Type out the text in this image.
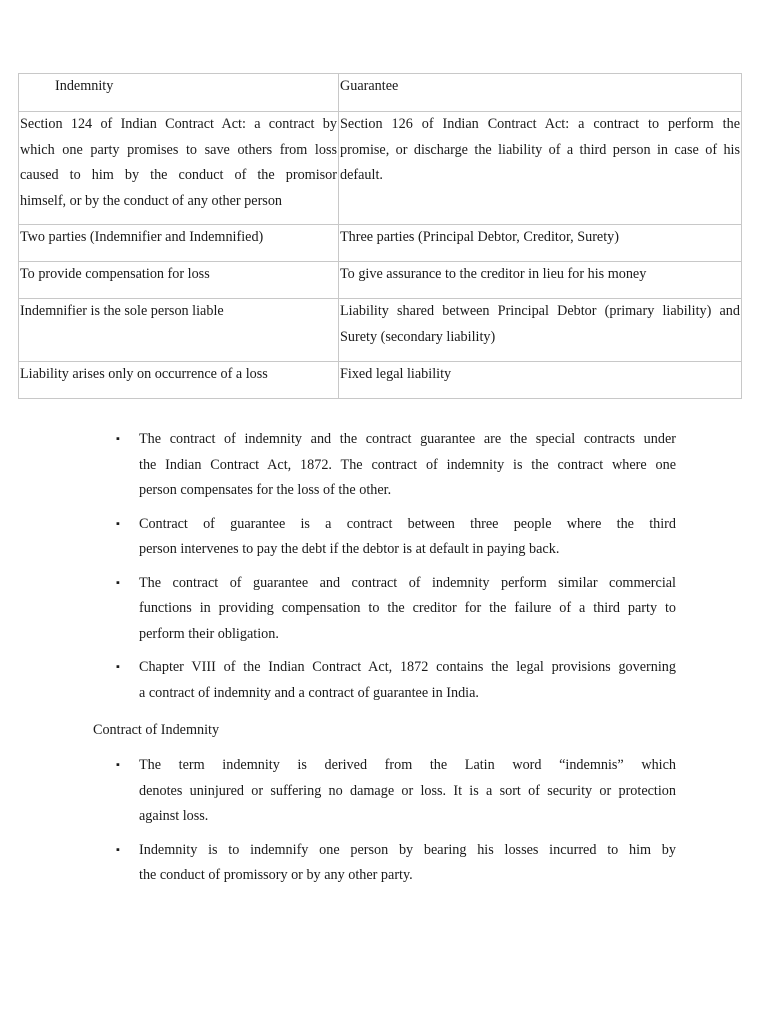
Indemnity	Guarantee

Section 124 of Indian Contract Act: a contract by
which one party promises to save others from loss
caused to him by the conduct of the promisor
himself, or by the conduct of any other person	Section 126 of Indian Contract Act: a contract to perform the
promise, or discharge the liability of a third person in case of his
default.

Two parties (Indemnifier and Indemnified)	Three parties (Principal Debtor, Creditor, Surety)

To provide compensation for loss	To give assurance to the creditor in lieu for his money

Indemnifier is the sole person liable	Liability shared between Principal Debtor (primary liability) and
Surety (secondary liability)

Liability arises only on occurrence of a loss	Fixed legal liability
▪ The contract of indemnity and the contract guarantee are the special contracts under
the Indian Contract Act, 1872. The contract of indemnity is the contract where one
person compensates for the loss of the other.
▪ Contract of guarantee is a contract between three people where the third
person intervenes to pay the debt if the debtor is at default in paying back.
▪ The contract of guarantee and contract of indemnity perform similar commercial
functions in providing compensation to the creditor for the failure of a third party to
perform their obligation.
▪ Chapter VIII of the Indian Contract Act, 1872 contains the legal provisions governing
a contract of indemnity and a contract of guarantee in India.
Contract of Indemnity
▪ The term indemnity is derived from the Latin word “indemnis” which
denotes uninjured or suffering no damage or loss. It is a sort of security or protection
against loss.
▪ Indemnity is to indemnify one person by bearing his losses incurred to him by
the conduct of promissory or by any other party.
